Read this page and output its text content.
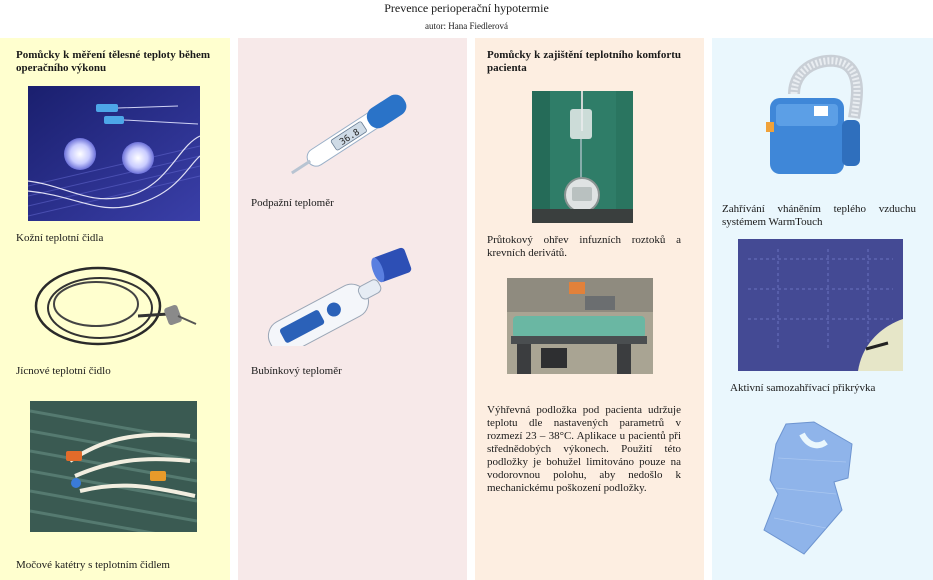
Prevence perioperační hypotermie
autor: Hana Fiedlerová
Pomůcky k měření tělesné teploty během operačního výkonu
Kožní teplotní čidla
Jícnové teplotní čidlo
Močové katétry s teplotním čidlem
36.8
Podpažní teploměr
Bubínkový teploměr
Pomůcky k zajištění teplotního komfortu pacienta
Průtokový ohřev infuzních roztoků a krevních derivátů.
Výhřevná podložka pod pacienta udržuje teplotu dle nastavených parametrů v rozmezí 23 – 38°C. Aplikace u pacientů při střednědobých výkonech. Použití této podložky je bohužel limitováno pouze na vodorovnou polohu, aby nedošlo k mechanickému poškození podložky.
Zahřívání vháněním teplého vzduchu systémem WarmTouch
Aktivní samozahřívací přikrývka
